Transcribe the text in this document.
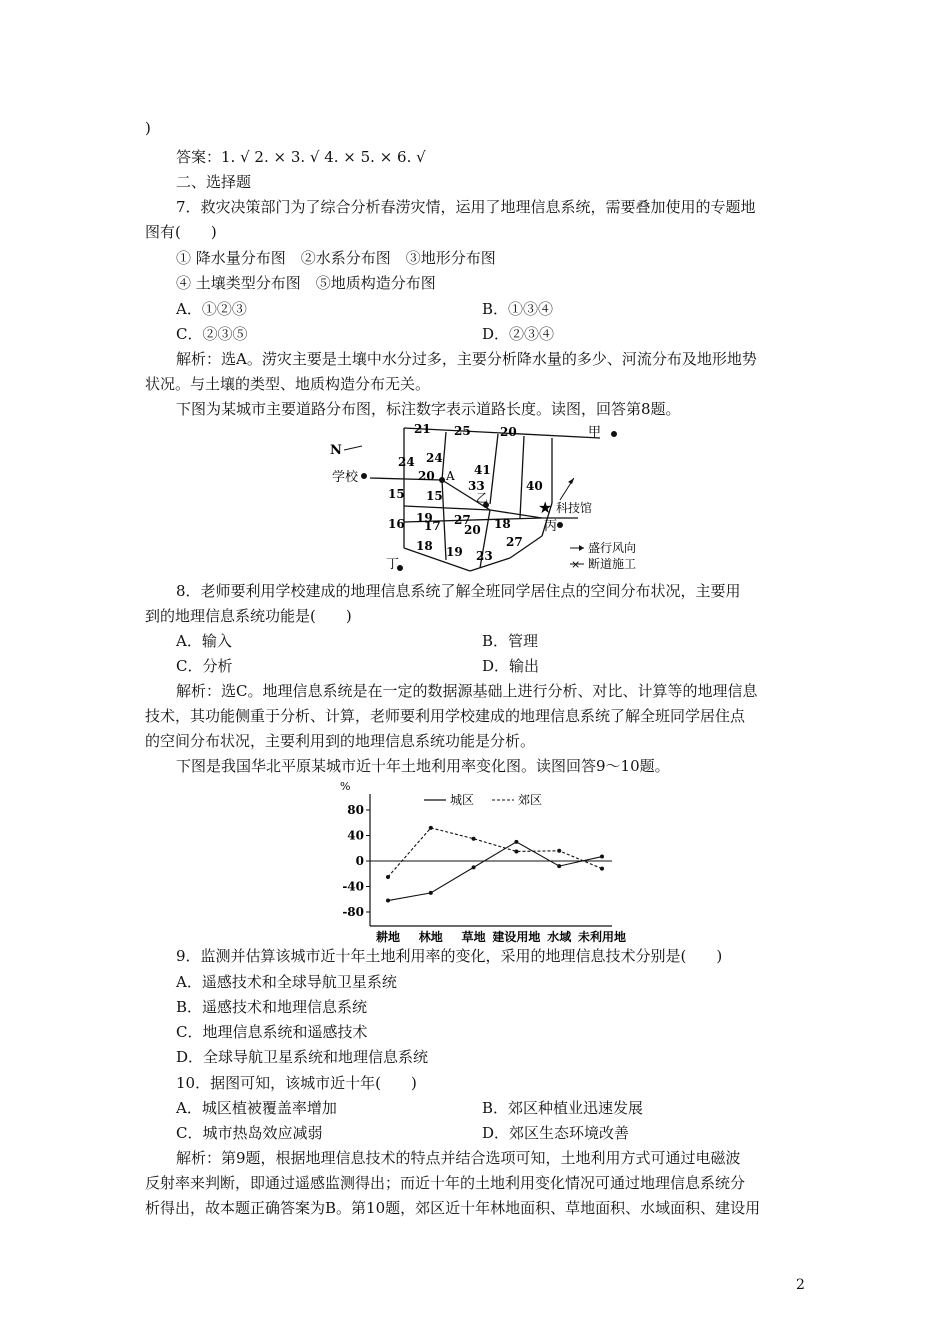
)
答案：1. √ 2. × 3. √ 4. × 5. × 6. √
二、选择题
7．救灾决策部门为了综合分析春涝灾情，运用了地理信息系统，需要叠加使用的专题地
图有(　　)
① 降水量分布图　②水系分布图　③地形分布图
④ 土壤类型分布图　⑤地质构造分布图
A．①②③	B．①③④
C．②③⑤	D．②③④
解析：选A。涝灾主要是土壤中水分过多，主要分析降水量的多少、河流分布及地形地势
状况。与土壤的类型、地质构造分布无关。
下图为某城市主要道路分布图，标注数字表示道路长度。读图，回答第8题。
★
N
学校
甲
乙
丙
丁
A
科技馆
盛行风向
× 断道施工
21 25 20
24 24
20	41
33	40
15 15
16 19
17 27
20 18
27
18 19 23
8．老师要利用学校建成的地理信息系统了解全班同学居住点的空间分布状况，主要用
到的地理信息系统功能是(　　)
A．输入	B．管理
C．分析	D．输出
解析：选C。地理信息系统是在一定的数据源基础上进行分析、对比、计算等的地理信息
技术，其功能侧重于分析、计算，老师要利用学校建成的地理信息系统了解全班同学居住点
的空间分布状况，主要利用到的地理信息系统功能是分析。
下图是我国华北平原某城市近十年土地利用率变化图。读图回答9～10题。
%
80
40
0
-40
-80
耕地 林地 草地 建设用地 水域 未利用地
城区	郊区
9．监测并估算该城市近十年土地利用率的变化，采用的地理信息技术分别是(　　)
A．遥感技术和全球导航卫星系统
B．遥感技术和地理信息系统
C．地理信息系统和遥感技术
D．全球导航卫星系统和地理信息系统
10．据图可知，该城市近十年(　　)
A．城区植被覆盖率增加	B．郊区种植业迅速发展
C．城市热岛效应减弱	D．郊区生态环境改善
解析：第9题，根据地理信息技术的特点并结合选项可知，土地利用方式可通过电磁波
反射率来判断，即通过遥感监测得出；而近十年的土地利用变化情况可通过地理信息系统分
析得出，故本题正确答案为B。第10题，郊区近十年林地面积、草地面积、水域面积、建设用
2
